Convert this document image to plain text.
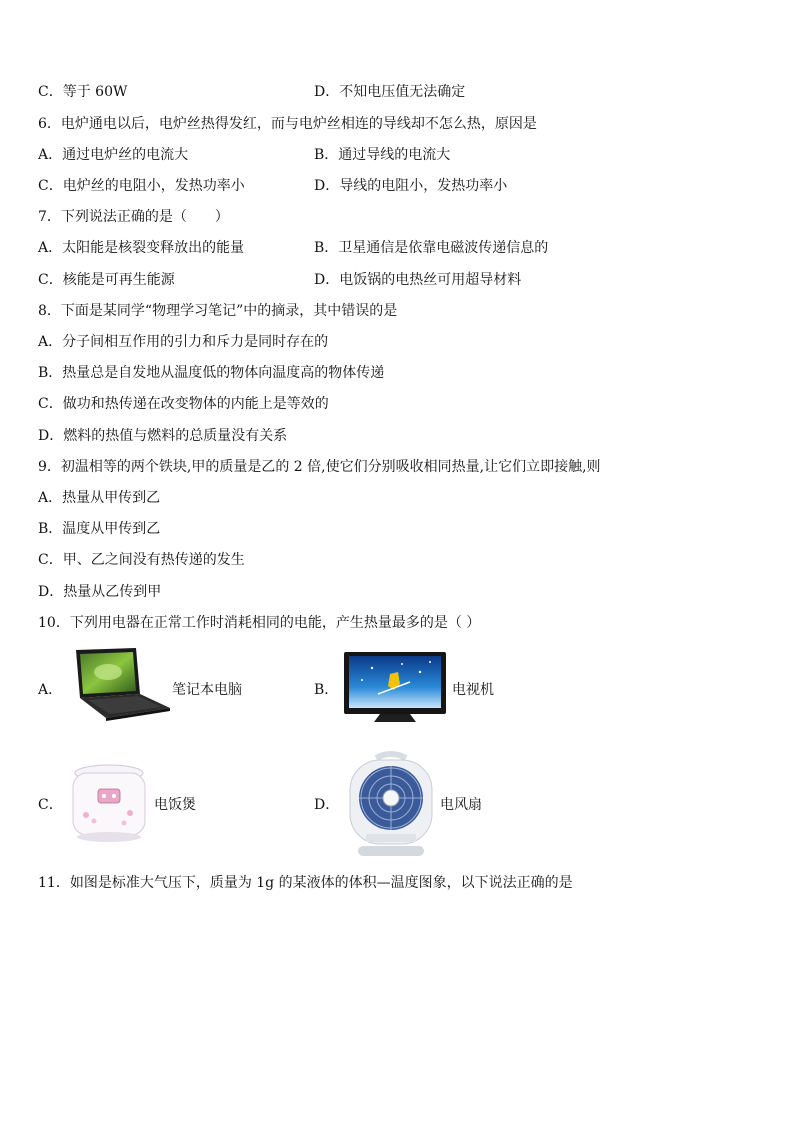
C．等于 60W	D．不知电压值无法确定
6．电炉通电以后，电炉丝热得发红，而与电炉丝相连的导线却不怎么热，原因是
A．通过电炉丝的电流大	B．通过导线的电流大
C．电炉丝的电阻小，发热功率小	D．导线的电阻小，发热功率小
7．下列说法正确的是（　　）
A．太阳能是核裂变释放出的能量	B．卫星通信是依靠电磁波传递信息的
C．核能是可再生能源	D．电饭锅的电热丝可用超导材料
8．下面是某同学“物理学习笔记”中的摘录，其中错误的是
A．分子间相互作用的引力和斥力是同时存在的
B．热量总是自发地从温度低的物体向温度高的物体传递
C．做功和热传递在改变物体的内能上是等效的
D．燃料的热值与燃料的总质量没有关系
9．初温相等的两个铁块,甲的质量是乙的 2 倍,使它们分别吸收相同热量,让它们立即接触,则
A．热量从甲传到乙
B．温度从甲传到乙
C．甲、乙之间没有热传递的发生
D．热量从乙传到甲
10．下列用电器在正常工作时消耗相同的电能，产生热量最多的是（ ）
A．	笔记本电脑	B．	电视机
C．	电饭煲	D．	电风扇
11．如图是标准大气压下，质量为 1g 的某液体的体积—温度图象，以下说法正确的是
